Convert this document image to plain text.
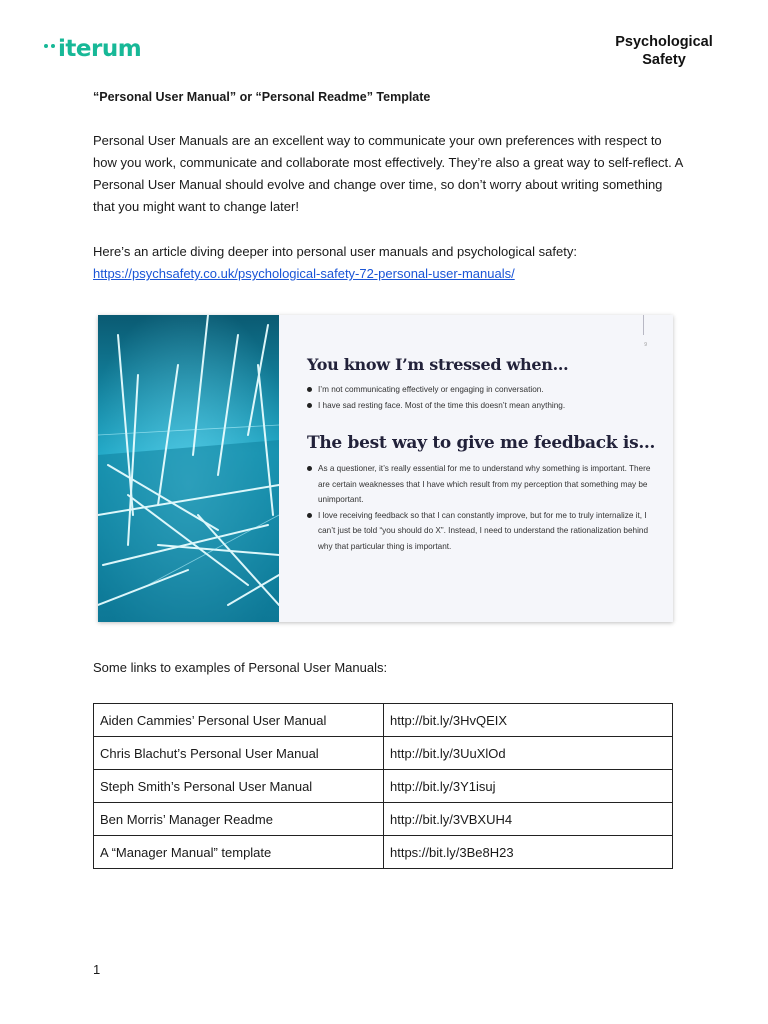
iterum	Psychological
Safety
“Personal User Manual” or “Personal Readme” Template
Personal User Manuals are an excellent way to communicate your own preferences with respect to how you work, communicate and collaborate most effectively. They’re also a great way to self-reflect. A Personal User Manual should evolve and change over time, so don’t worry about writing something that you might want to change later!
Here’s an article diving deeper into personal user manuals and psychological safety:
https://psychsafety.co.uk/psychological-safety-72-personal-user-manuals/
9
You know I’m stressed when…
I’m not communicating effectively or engaging in conversation.
I have sad resting face. Most of the time this doesn’t mean anything.
The best way to give me feedback is…
As a questioner, it’s really essential for me to understand why something is important. There are certain weaknesses that I have which result from my perception that something may be unimportant.
I love receiving feedback so that I can constantly improve, but for me to truly internalize it, I can’t just be told “you should do X”. Instead, I need to understand the rationalization behind why that particular thing is important.
Some links to examples of Personal User Manuals:
Aiden Cammies’ Personal User Manual	http://bit.ly/3HvQEIX
Chris Blachut’s Personal User Manual	http://bit.ly/3UuXlOd
Steph Smith’s Personal User Manual	http://bit.ly/3Y1isuj
Ben Morris’ Manager Readme	http://bit.ly/3VBXUH4
A “Manager Manual” template	https://bit.ly/3Be8H23
1
